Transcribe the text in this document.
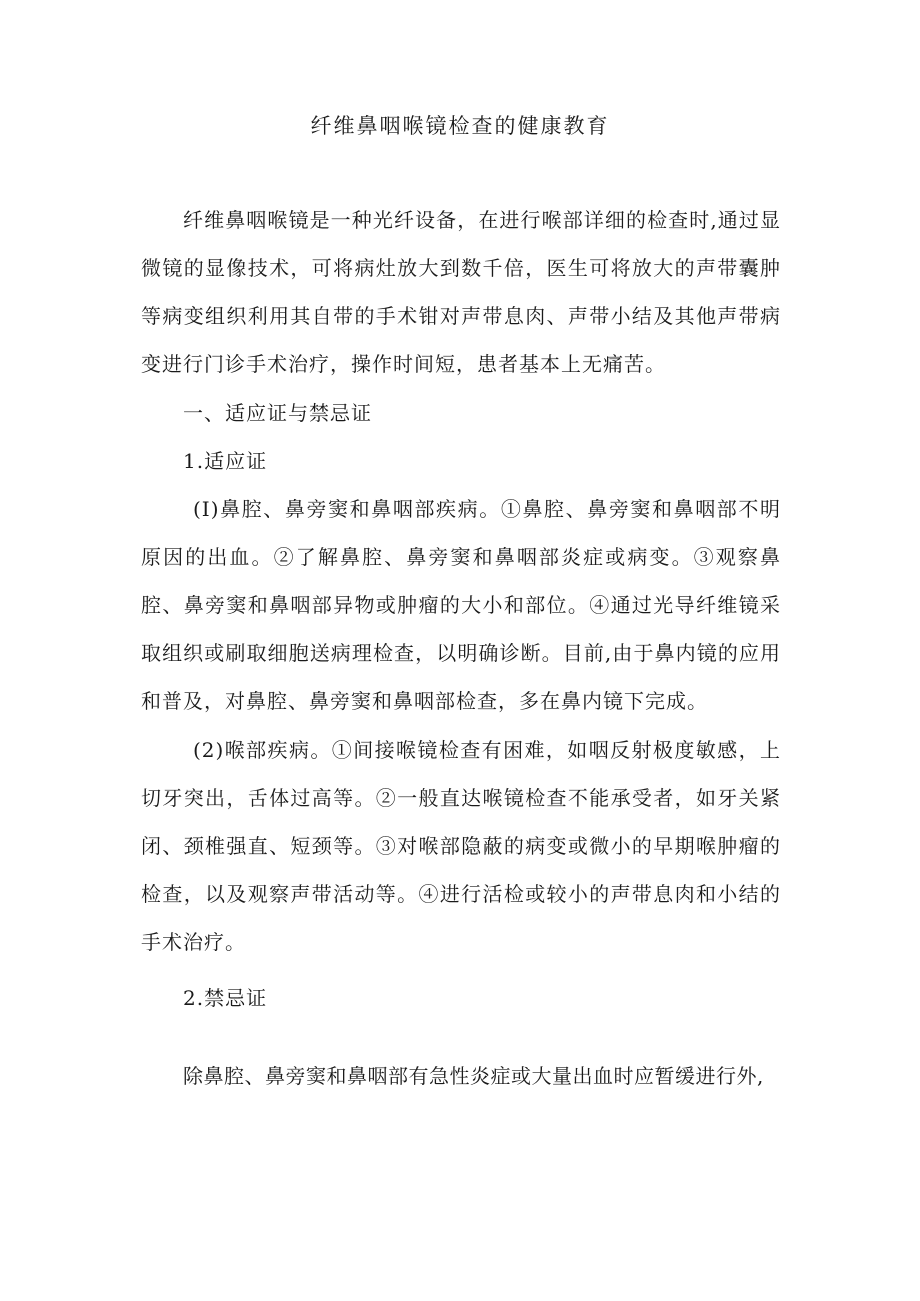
纤维鼻咽喉镜检查的健康教育

纤维鼻咽喉镜是一种光纤设备，在进行喉部详细的检查时,通过显微镜的显像技术，可将病灶放大到数千倍，医生可将放大的声带囊肿等病变组织利用其自带的手术钳对声带息肉、声带小结及其他声带病变进行门诊手术治疗，操作时间短，患者基本上无痛苦。

一、适应证与禁忌证
1.适应证

(I)鼻腔、鼻旁窦和鼻咽部疾病。①鼻腔、鼻旁窦和鼻咽部不明原因的出血。②了解鼻腔、鼻旁窦和鼻咽部炎症或病变。③观察鼻腔、鼻旁窦和鼻咽部异物或肿瘤的大小和部位。④通过光导纤维镜采取组织或刷取细胞送病理检查，以明确诊断。目前,由于鼻内镜的应用和普及，对鼻腔、鼻旁窦和鼻咽部检查，多在鼻内镜下完成。

(2)喉部疾病。①间接喉镜检查有困难，如咽反射极度敏感，上切牙突出，舌体过高等。②一般直达喉镜检查不能承受者，如牙关紧闭、颈椎强直、短颈等。③对喉部隐蔽的病变或微小的早期喉肿瘤的检查，以及观察声带活动等。④进行活检或较小的声带息肉和小结的手术治疗。

2.禁忌证

除鼻腔、鼻旁窦和鼻咽部有急性炎症或大量出血时应暂缓进行外,
